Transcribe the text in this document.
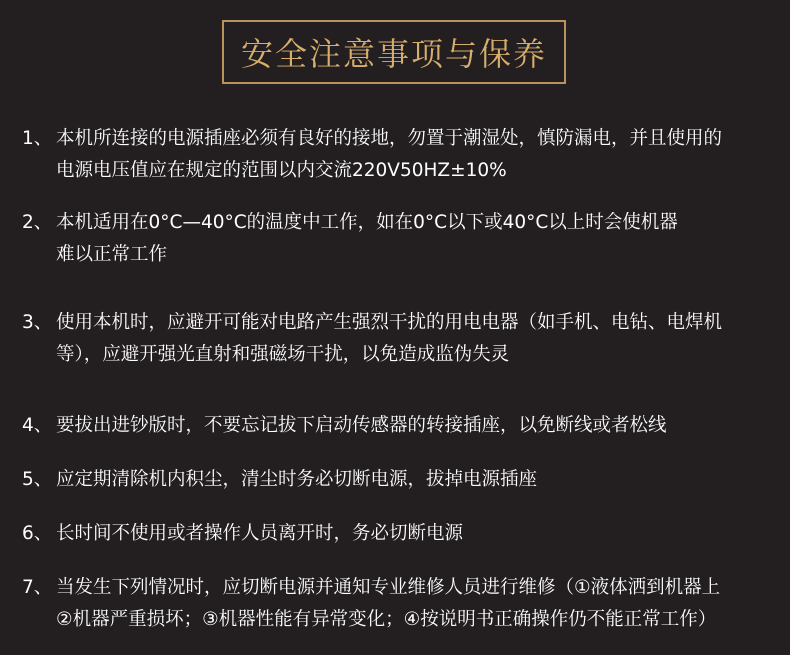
安全注意事项与保养
1、 本机所连接的电源插座必须有良好的接地，勿置于潮湿处，慎防漏电，并且使用的
电源电压值应在规定的范围以内交流220V50HZ±10%
2、 本机适用在0°C—40°C的温度中工作，如在0°C以下或40°C以上时会使机器
难以正常工作
3、 使用本机时，应避开可能对电路产生强烈干扰的用电电器（如手机、电钻、电焊机
等），应避开强光直射和强磁场干扰，以免造成监伪失灵
4、 要拔出进钞版时，不要忘记拔下启动传感器的转接插座，以免断线或者松线
5、 应定期清除机内积尘，清尘时务必切断电源，拔掉电源插座
6、 长时间不使用或者操作人员离开时，务必切断电源
7、 当发生下列情况时，应切断电源并通知专业维修人员进行维修（①液体洒到机器上
②机器严重损坏；③机器性能有异常变化；④按说明书正确操作仍不能正常工作）
